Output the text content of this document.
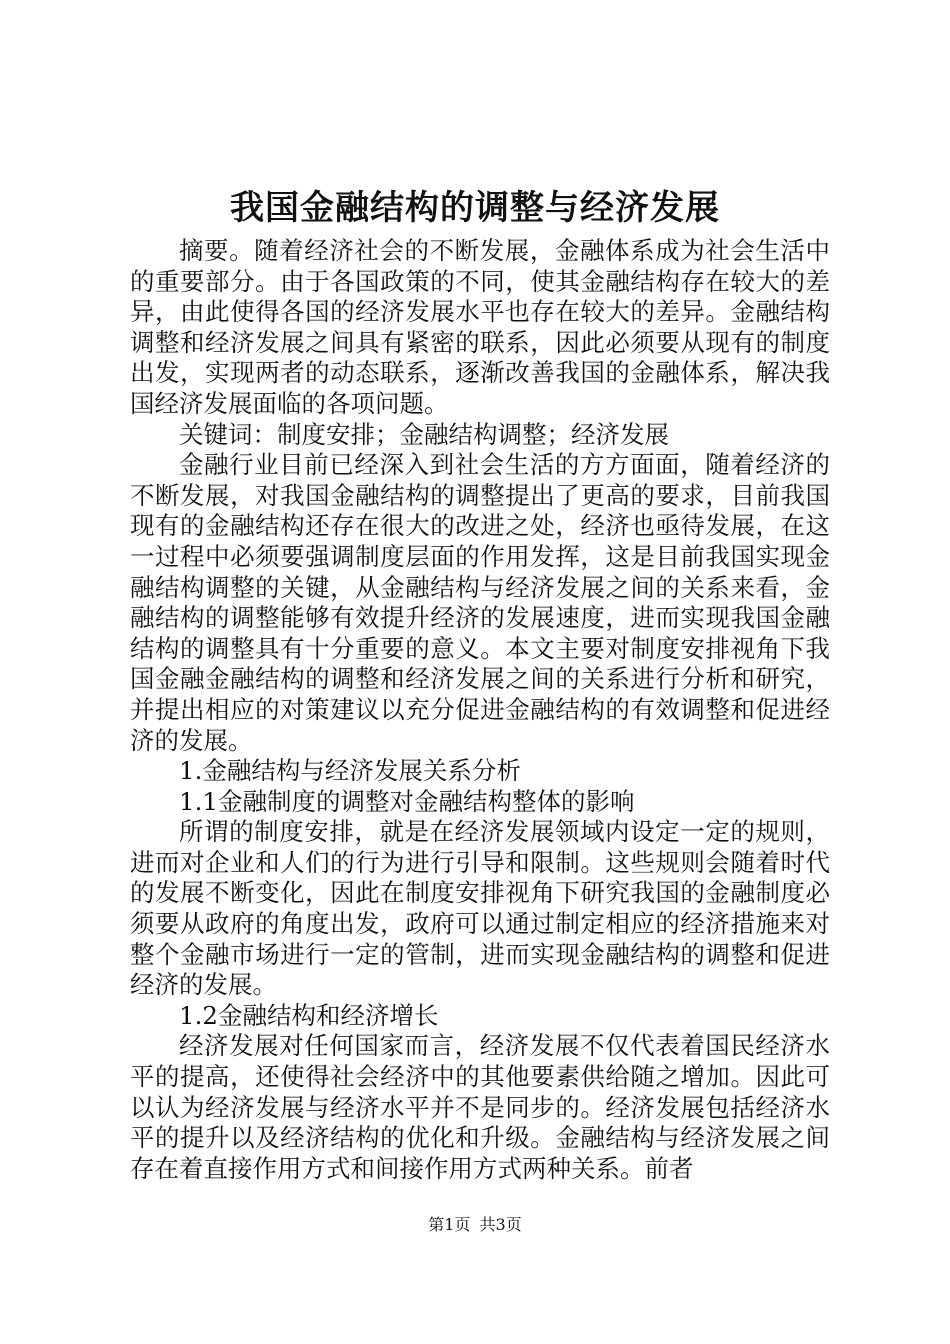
我国金融结构的调整与经济发展

摘要。随着经济社会的不断发展，金融体系成为社会生活中的重要部分。由于各国政策的不同，使其金融结构存在较大的差异，由此使得各国的经济发展水平也存在较大的差异。金融结构调整和经济发展之间具有紧密的联系，因此必须要从现有的制度出发，实现两者的动态联系，逐渐改善我国的金融体系，解决我国经济发展面临的各项问题。

关键词：制度安排；金融结构调整；经济发展

金融行业目前已经深入到社会生活的方方面面，随着经济的不断发展，对我国金融结构的调整提出了更高的要求，目前我国现有的金融结构还存在很大的改进之处，经济也亟待发展，在这一过程中必须要强调制度层面的作用发挥，这是目前我国实现金融结构调整的关键，从金融结构与经济发展之间的关系来看，金融结构的调整能够有效提升经济的发展速度，进而实现我国金融结构的调整具有十分重要的意义。本文主要对制度安排视角下我国金融金融结构的调整和经济发展之间的关系进行分析和研究，并提出相应的对策建议以充分促进金融结构的有效调整和促进经济的发展。

1.金融结构与经济发展关系分析

1.1金融制度的调整对金融结构整体的影响

所谓的制度安排，就是在经济发展领域内设定一定的规则，进而对企业和人们的行为进行引导和限制。这些规则会随着时代的发展不断变化，因此在制度安排视角下研究我国的金融制度必须要从政府的角度出发，政府可以通过制定相应的经济措施来对整个金融市场进行一定的管制，进而实现金融结构的调整和促进经济的发展。

1.2金融结构和经济增长

经济发展对任何国家而言，经济发展不仅代表着国民经济水平的提高，还使得社会经济中的其他要素供给随之增加。因此可以认为经济发展与经济水平并不是同步的。经济发展包括经济水平的提升以及经济结构的优化和升级。金融结构与经济发展之间存在着直接作用方式和间接作用方式两种关系。前者

第1页 共3页
